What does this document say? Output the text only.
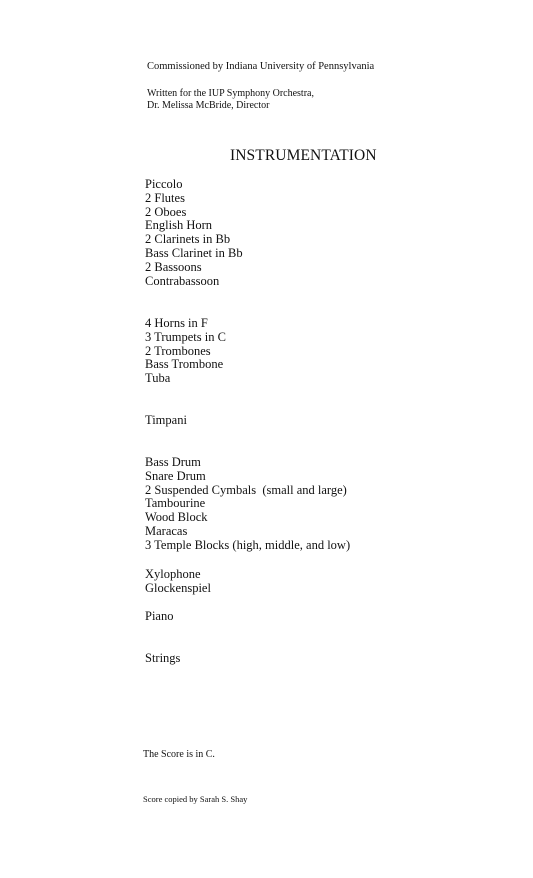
Commissioned by Indiana University of Pennsylvania

Written for the IUP Symphony Orchestra,

Dr. Melissa McBride, Director

INSTRUMENTATION
Piccolo
2 Flutes
2 Oboes
English Horn
2 Clarinets in Bb
Bass Clarinet in Bb
2 Bassoons
Contrabassoon
4 Horns in F
3 Trumpets in C
2 Trombones
Bass Trombone
Tuba
Timpani
Bass Drum
Snare Drum
2 Suspended Cymbals  (small and large)
Tambourine
Wood Block
Maracas
3 Temple Blocks (high, middle, and low)
Xylophone
Glockenspiel
Piano
Strings

The Score is in C.

Score copied by Sarah S. Shay
